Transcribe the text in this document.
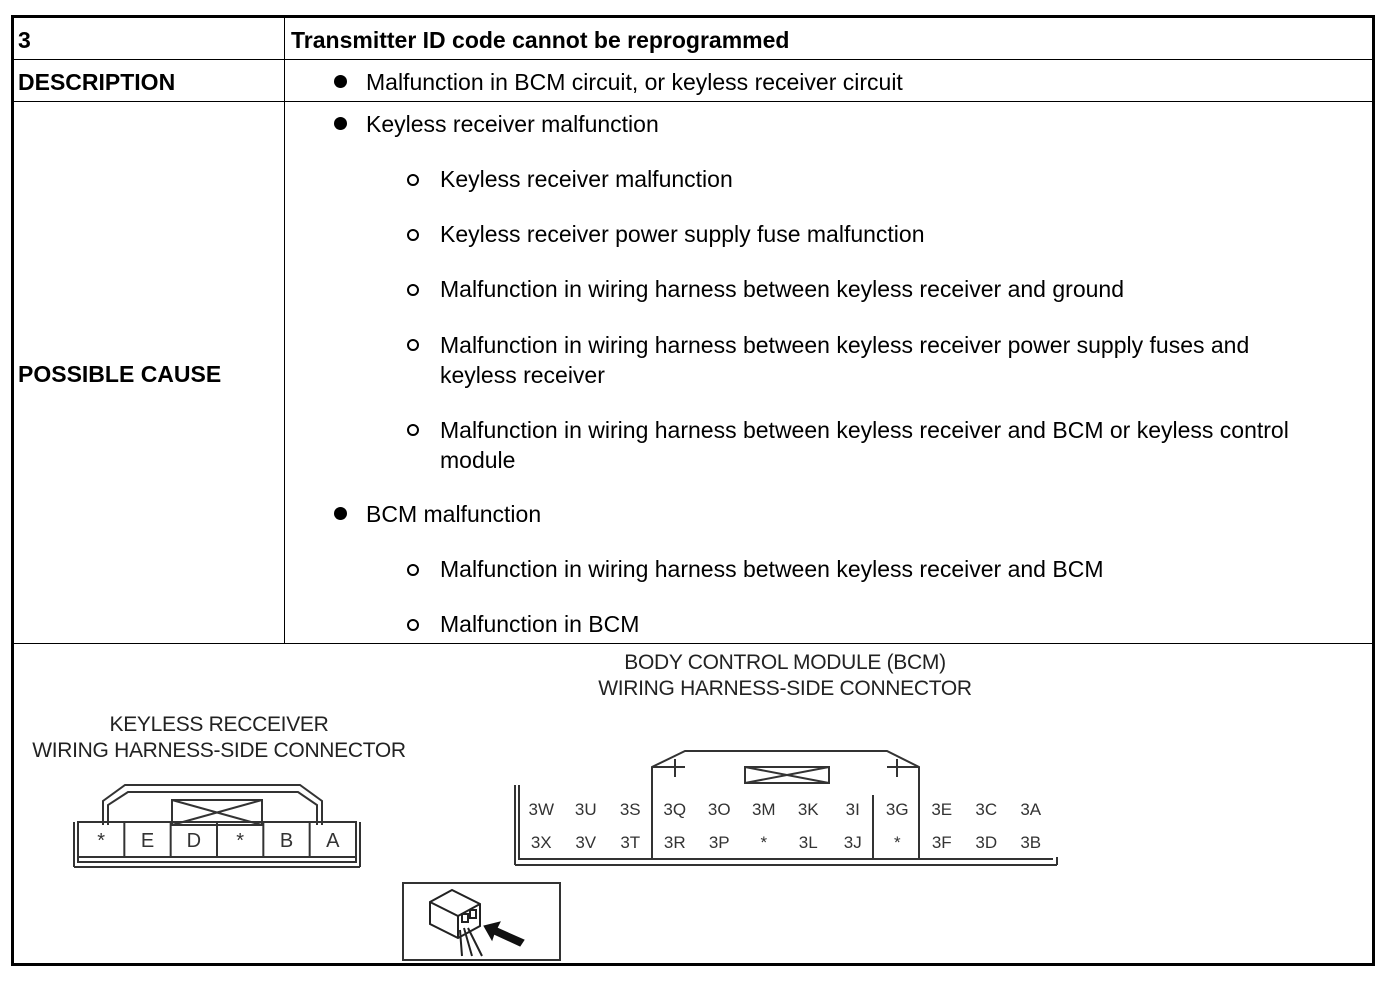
3	Transmitter ID code cannot be reprogrammed
DESCRIPTION	Malfunction in BCM circuit, or keyless receiver circuit
POSSIBLE CAUSE
Keyless receiver malfunction
Keyless receiver malfunction
Keyless receiver power supply fuse malfunction
Malfunction in wiring harness between keyless receiver and ground
Malfunction in wiring harness between keyless receiver power supply fuses and keyless receiver
Malfunction in wiring harness between keyless receiver and BCM or keyless control module
BCM malfunction
Malfunction in wiring harness between keyless receiver and BCM
Malfunction in BCM
BODY CONTROL MODULE (BCM)
WIRING HARNESS-SIDE CONNECTOR
KEYLESS RECCEIVER
WIRING HARNESS-SIDE CONNECTOR
* E D * B A
3W 3U 3S 3Q 3O 3M 3K 3I 3G 3E 3C 3A
3X 3V 3T 3R 3P * 3L 3J * 3F 3D 3B
